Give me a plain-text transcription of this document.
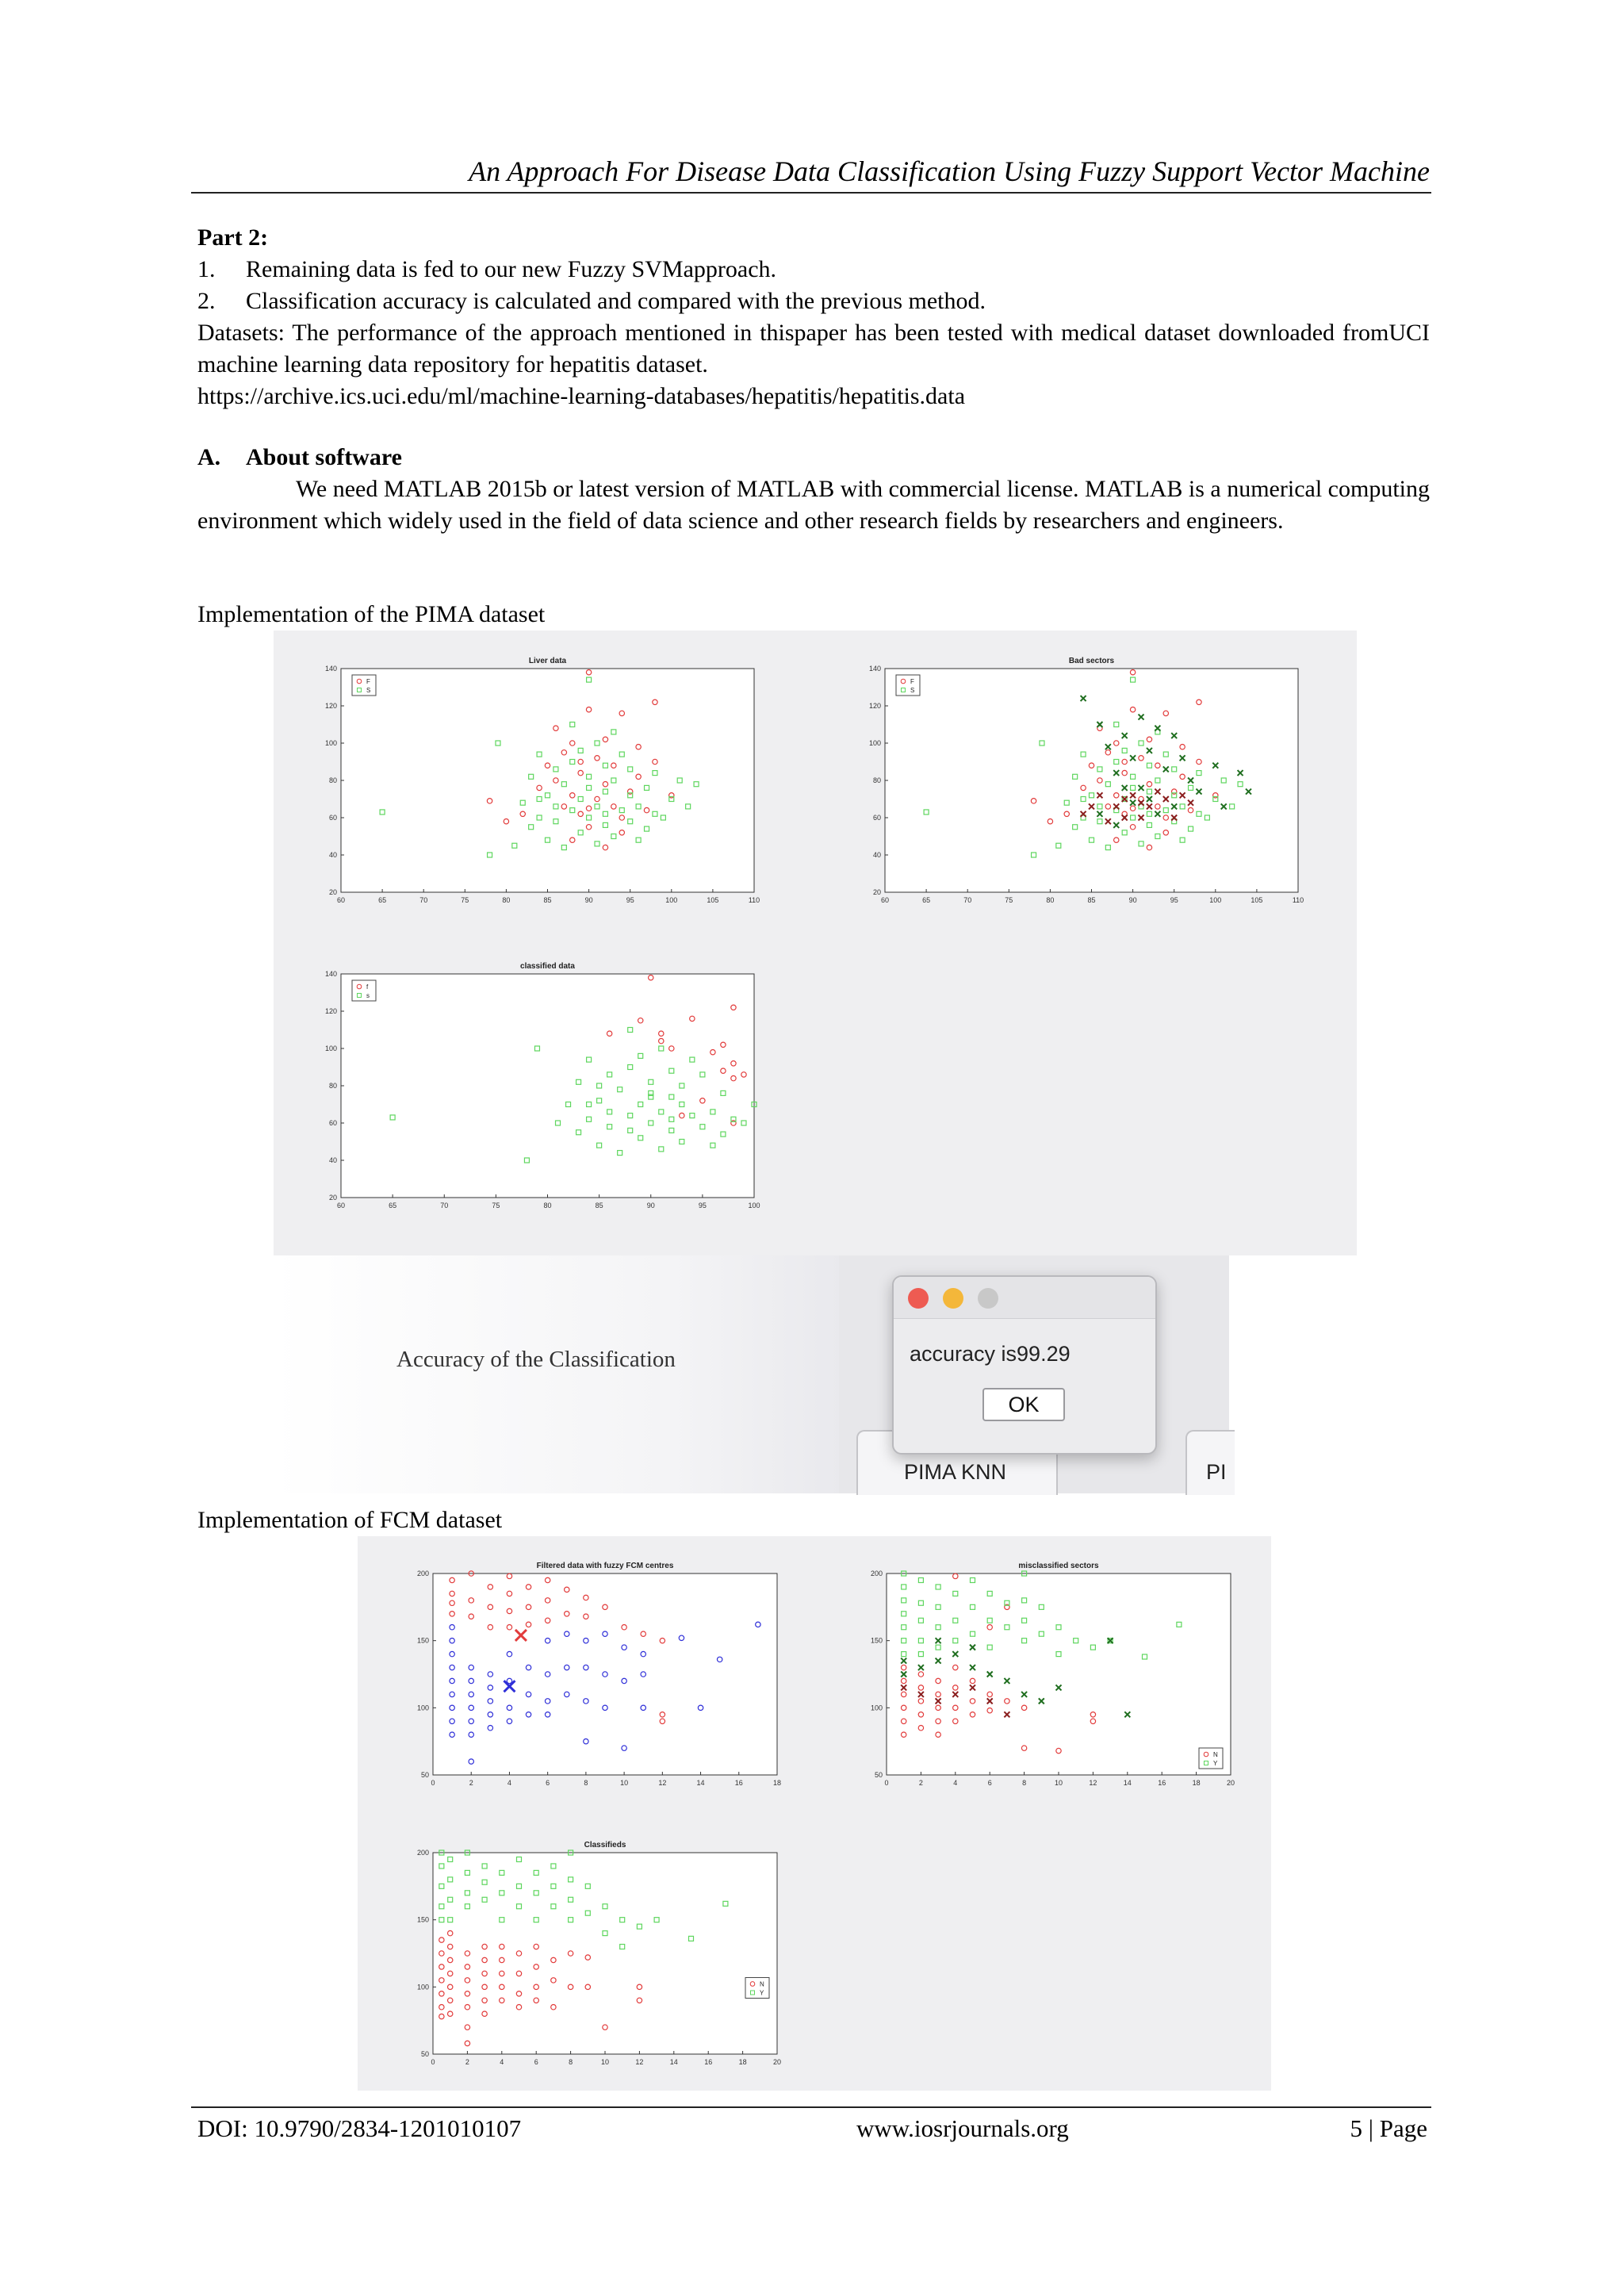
An Approach For Disease Data Classification Using Fuzzy Support Vector Machine
Part 2:
1. Remaining data is fed to our new Fuzzy SVMapproach.
2. Classification accuracy is calculated and compared with the previous method.
Datasets: The performance of the approach mentioned in thispaper has been tested with medical dataset downloaded fromUCI machine learning data repository for hepatitis dataset.
https://archive.ics.uci.edu/ml/machine-learning-databases/hepatitis/hepatitis.data
A. About software
We need MATLAB 2015b or latest version of MATLAB with commercial license. MATLAB is a numerical computing environment which widely used in the field of data science and other research fields by researchers and engineers.
Implementation of the PIMA dataset
Liver data
60	65	70	75	80	85	90	95	100	105	110
20
40
60
80
100
120
140
F
S
Bad sectors
60	65	70	75	80	85	90	95	100	105	110
20
40
60
80
100
120
140
F
S
classified data
60	65	70	75	80	85	90	95	100
20
40
60
80
100
120
140
f
s
Accuracy of the Classification
PIMA KNN	PI
accuracy is99.29
OK
Implementation of FCM dataset
Filtered data with fuzzy FCM centres
0	2	4	6	8	10	12	14	16	18
50
100
150
200
misclassified sectors
0	2	4	6	8	10	12	14	16	18	20
50
100
150
200
N
Y
Classifieds
0	2	4	6	8	10	12	14	16	18	20
50
100
150
200
N
Y
DOI: 10.9790/2834-1201010107	www.iosrjournals.org	5 | Page
